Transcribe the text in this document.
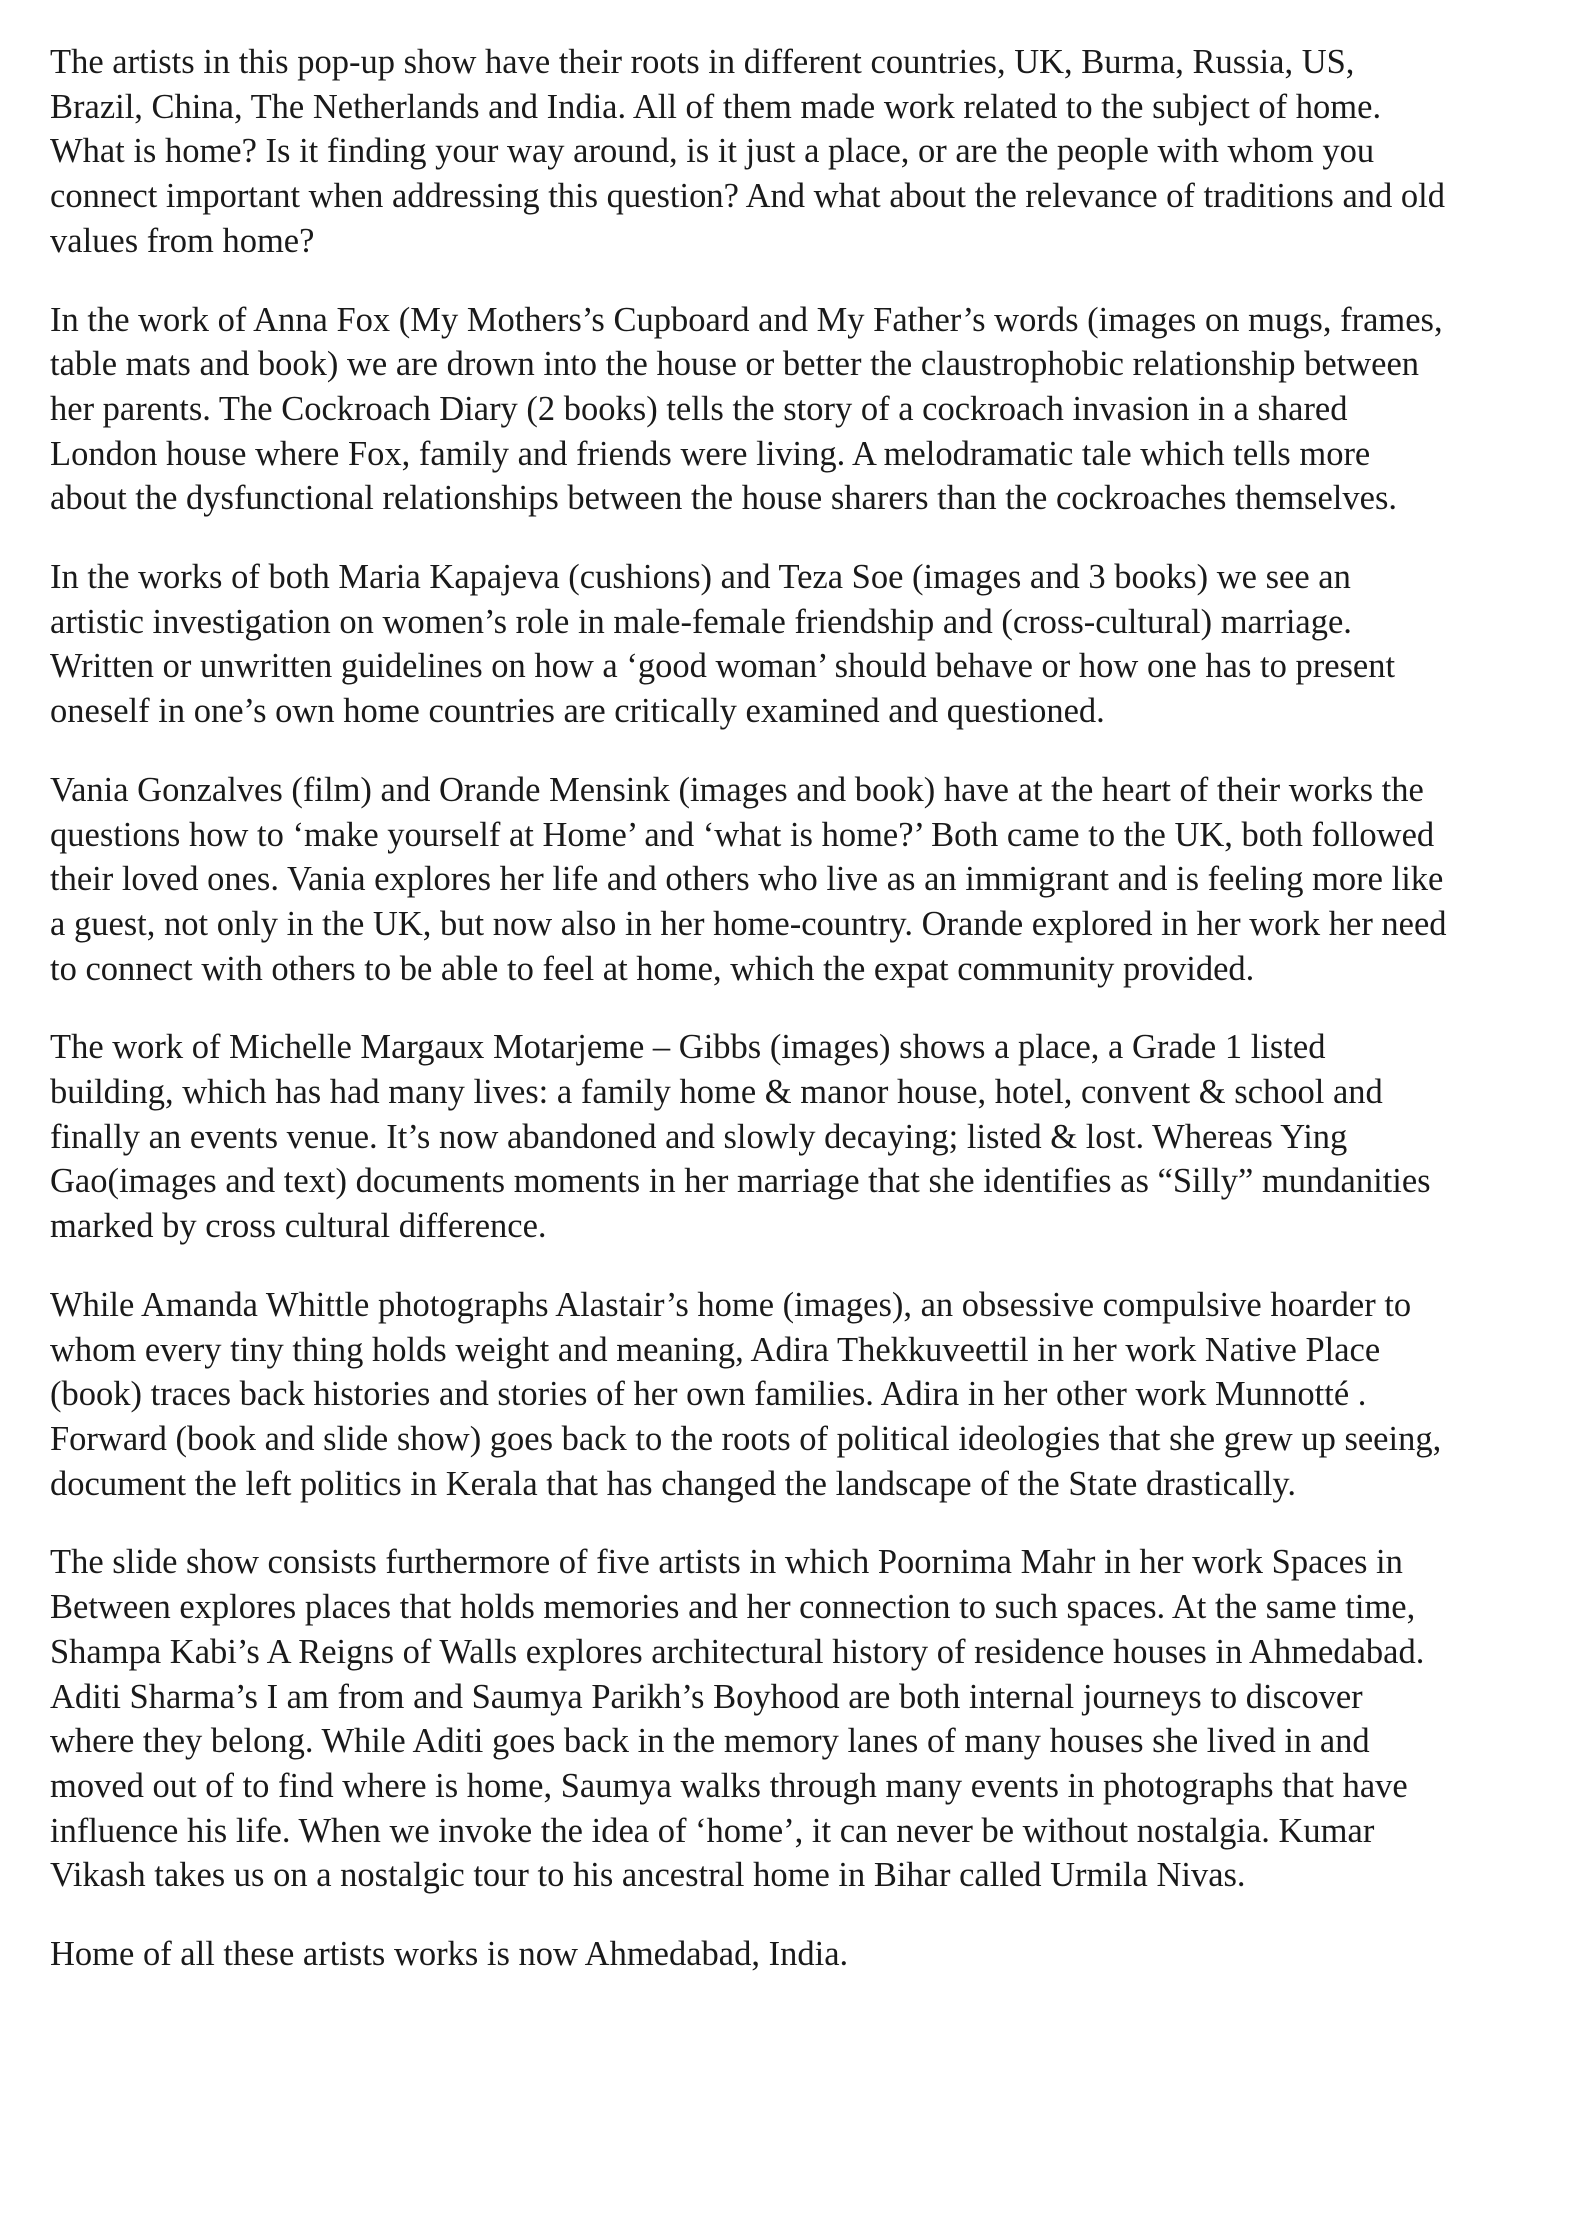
The artists in this pop-up show have their roots in different countries, UK, Burma, Russia, US, Brazil, China, The Netherlands and India. All of them made work related to the subject of home. What is home? Is it finding your way around, is it just a place, or are the people with whom you connect important when addressing this question? And what about the relevance of traditions and old values from home?

In the work of Anna Fox (My Mothers’s Cupboard and My Father’s words (images on mugs, frames, table mats and book) we are drown into the house or better the claustrophobic relationship between her parents. The Cockroach Diary (2 books) tells the story of a cockroach invasion in a shared London house where Fox, family and friends were living. A melodramatic tale which tells more about the dysfunctional relationships between the house sharers than the cockroaches themselves.

In the works of both Maria Kapajeva (cushions) and Teza Soe (images and 3 books) we see an artistic investigation on women’s role in male-female friendship and (cross-cultural) marriage. Written or unwritten guidelines on how a ‘good woman’ should behave or how one has to present oneself in one’s own home countries are critically examined and questioned.

Vania Gonzalves (film) and Orande Mensink (images and book) have at the heart of their works the questions how to ‘make yourself at Home’ and ‘what is home?’ Both came to the UK, both followed their loved ones. Vania explores her life and others who live as an immigrant and is feeling more like a guest, not only in the UK, but now also in her home-country. Orande explored in her work her need to connect with others to be able to feel at home, which the expat community provided.

The work of Michelle Margaux Motarjeme – Gibbs (images) shows a place, a Grade 1 listed building, which has had many lives: a family home & manor house, hotel, convent & school and finally an events venue. It’s now abandoned and slowly decaying; listed & lost. Whereas Ying Gao(images and text) documents moments in her marriage that she identifies as “Silly” mundanities marked by cross cultural difference.

While Amanda Whittle photographs Alastair’s home (images), an obsessive compulsive hoarder to whom every tiny thing holds weight and meaning, Adira Thekkuveettil in her work Native Place (book) traces back histories and stories of her own families. Adira in her other work Munnotté . Forward (book and slide show) goes back to the roots of political ideologies that she grew up seeing, document the left politics in Kerala that has changed the landscape of the State drastically.

The slide show consists furthermore of five artists in which Poornima Mahr in her work Spaces in Between explores places that holds memories and her connection to such spaces. At the same time, Shampa Kabi’s A Reigns of Walls explores architectural history of residence houses in Ahmedabad. Aditi Sharma’s I am from and Saumya Parikh’s Boyhood are both internal journeys to discover where they belong. While Aditi goes back in the memory lanes of many houses she lived in and moved out of to find where is home, Saumya walks through many events in photographs that have influence his life. When we invoke the idea of ‘home’, it can never be without nostalgia. Kumar Vikash takes us on a nostalgic tour to his ancestral home in Bihar called Urmila Nivas.

Home of all these artists works is now Ahmedabad, India.
